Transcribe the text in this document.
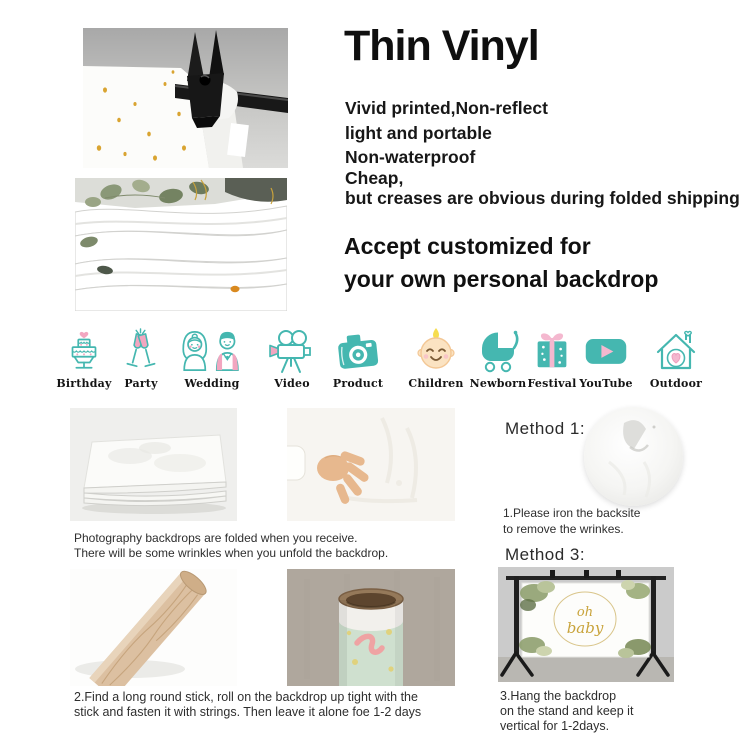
Thin Vinyl
Vivid printed,Non-reflect
light and portable
Non-waterproof
Cheap,
but creases are obvious during folded shipping
Accept customized for
your own personal backdrop
Birthday	Party	Wedding	Video	Product Children Newborn Festival YouTube	Outdoor
Method 1:
1.Please iron the backsite
to remove the wrinkes.
Photography backdrops are folded when you receive.
There will be some wrinkles when you unfold the backdrop.	Method 3:
2.Find a long round stick, roll on the backdrop up tight with the
stick and fasten it with strings. Then leave it alone foe 1-2 days
oh
baby
3.Hang the backdrop
on the stand and keep it
vertical for 1-2days.
